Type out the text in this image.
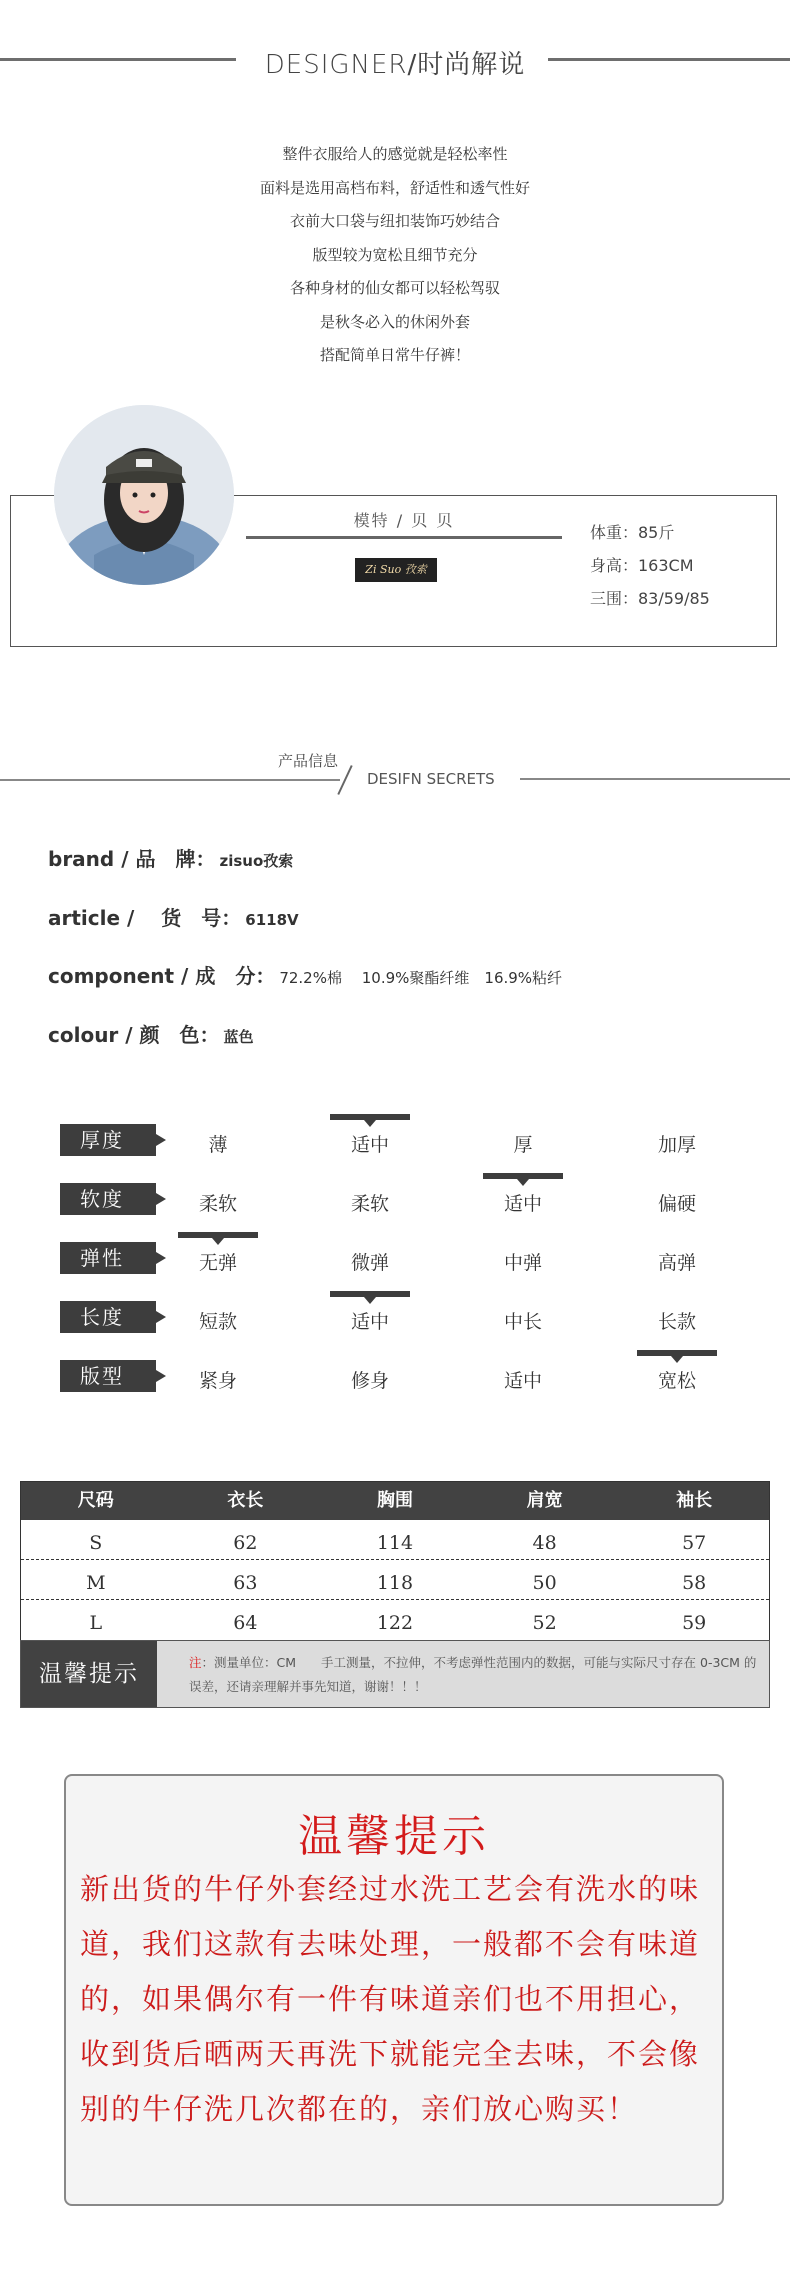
DESIGNER/时尚解说
整件衣服给人的感觉就是轻松率性
面料是选用高档布料，舒适性和透气性好
衣前大口袋与纽扣装饰巧妙结合
版型较为宽松且细节充分
各种身材的仙女都可以轻松驾驭
是秋冬必入的休闲外套
搭配简单日常牛仔裤！
模特 / 贝 贝
Zi Suo 孜索
体重：85斤
身高：163CM
三围：83/59/85
产品信息
DESIFN SECRETS
brand / 品　牌： zisuo孜索
article / 　货　号： 6118V
component / 成　分： 72.2%棉　 10.9%聚酯纤维　16.9%粘纤
colour / 颜　色： 蓝色
厚度	薄	适中	厚	加厚
软度	柔软	柔软	适中	偏硬
弹性	无弹	微弹	中弹	高弹
长度	短款	适中	中长	长款
版型	紧身	修身	适中	宽松
尺码	衣长	胸围	肩宽	袖长
S	62	114	48	57
M	63	118	50	58
L	64	122	52	59
温馨提示	注：测量单位：CM　　手工测量，不拉伸，不考虑弹性范围内的数据，可能与实际尺寸存在 0-3CM 的误差，还请亲理解并事先知道，谢谢！！！
温馨提示
新出货的牛仔外套经过水洗工艺会有洗水的味道，我们这款有去味处理，一般都不会有味道的，如果偶尔有一件有味道亲们也不用担心，收到货后晒两天再洗下就能完全去味，不会像别的牛仔洗几次都在的，亲们放心购买！
